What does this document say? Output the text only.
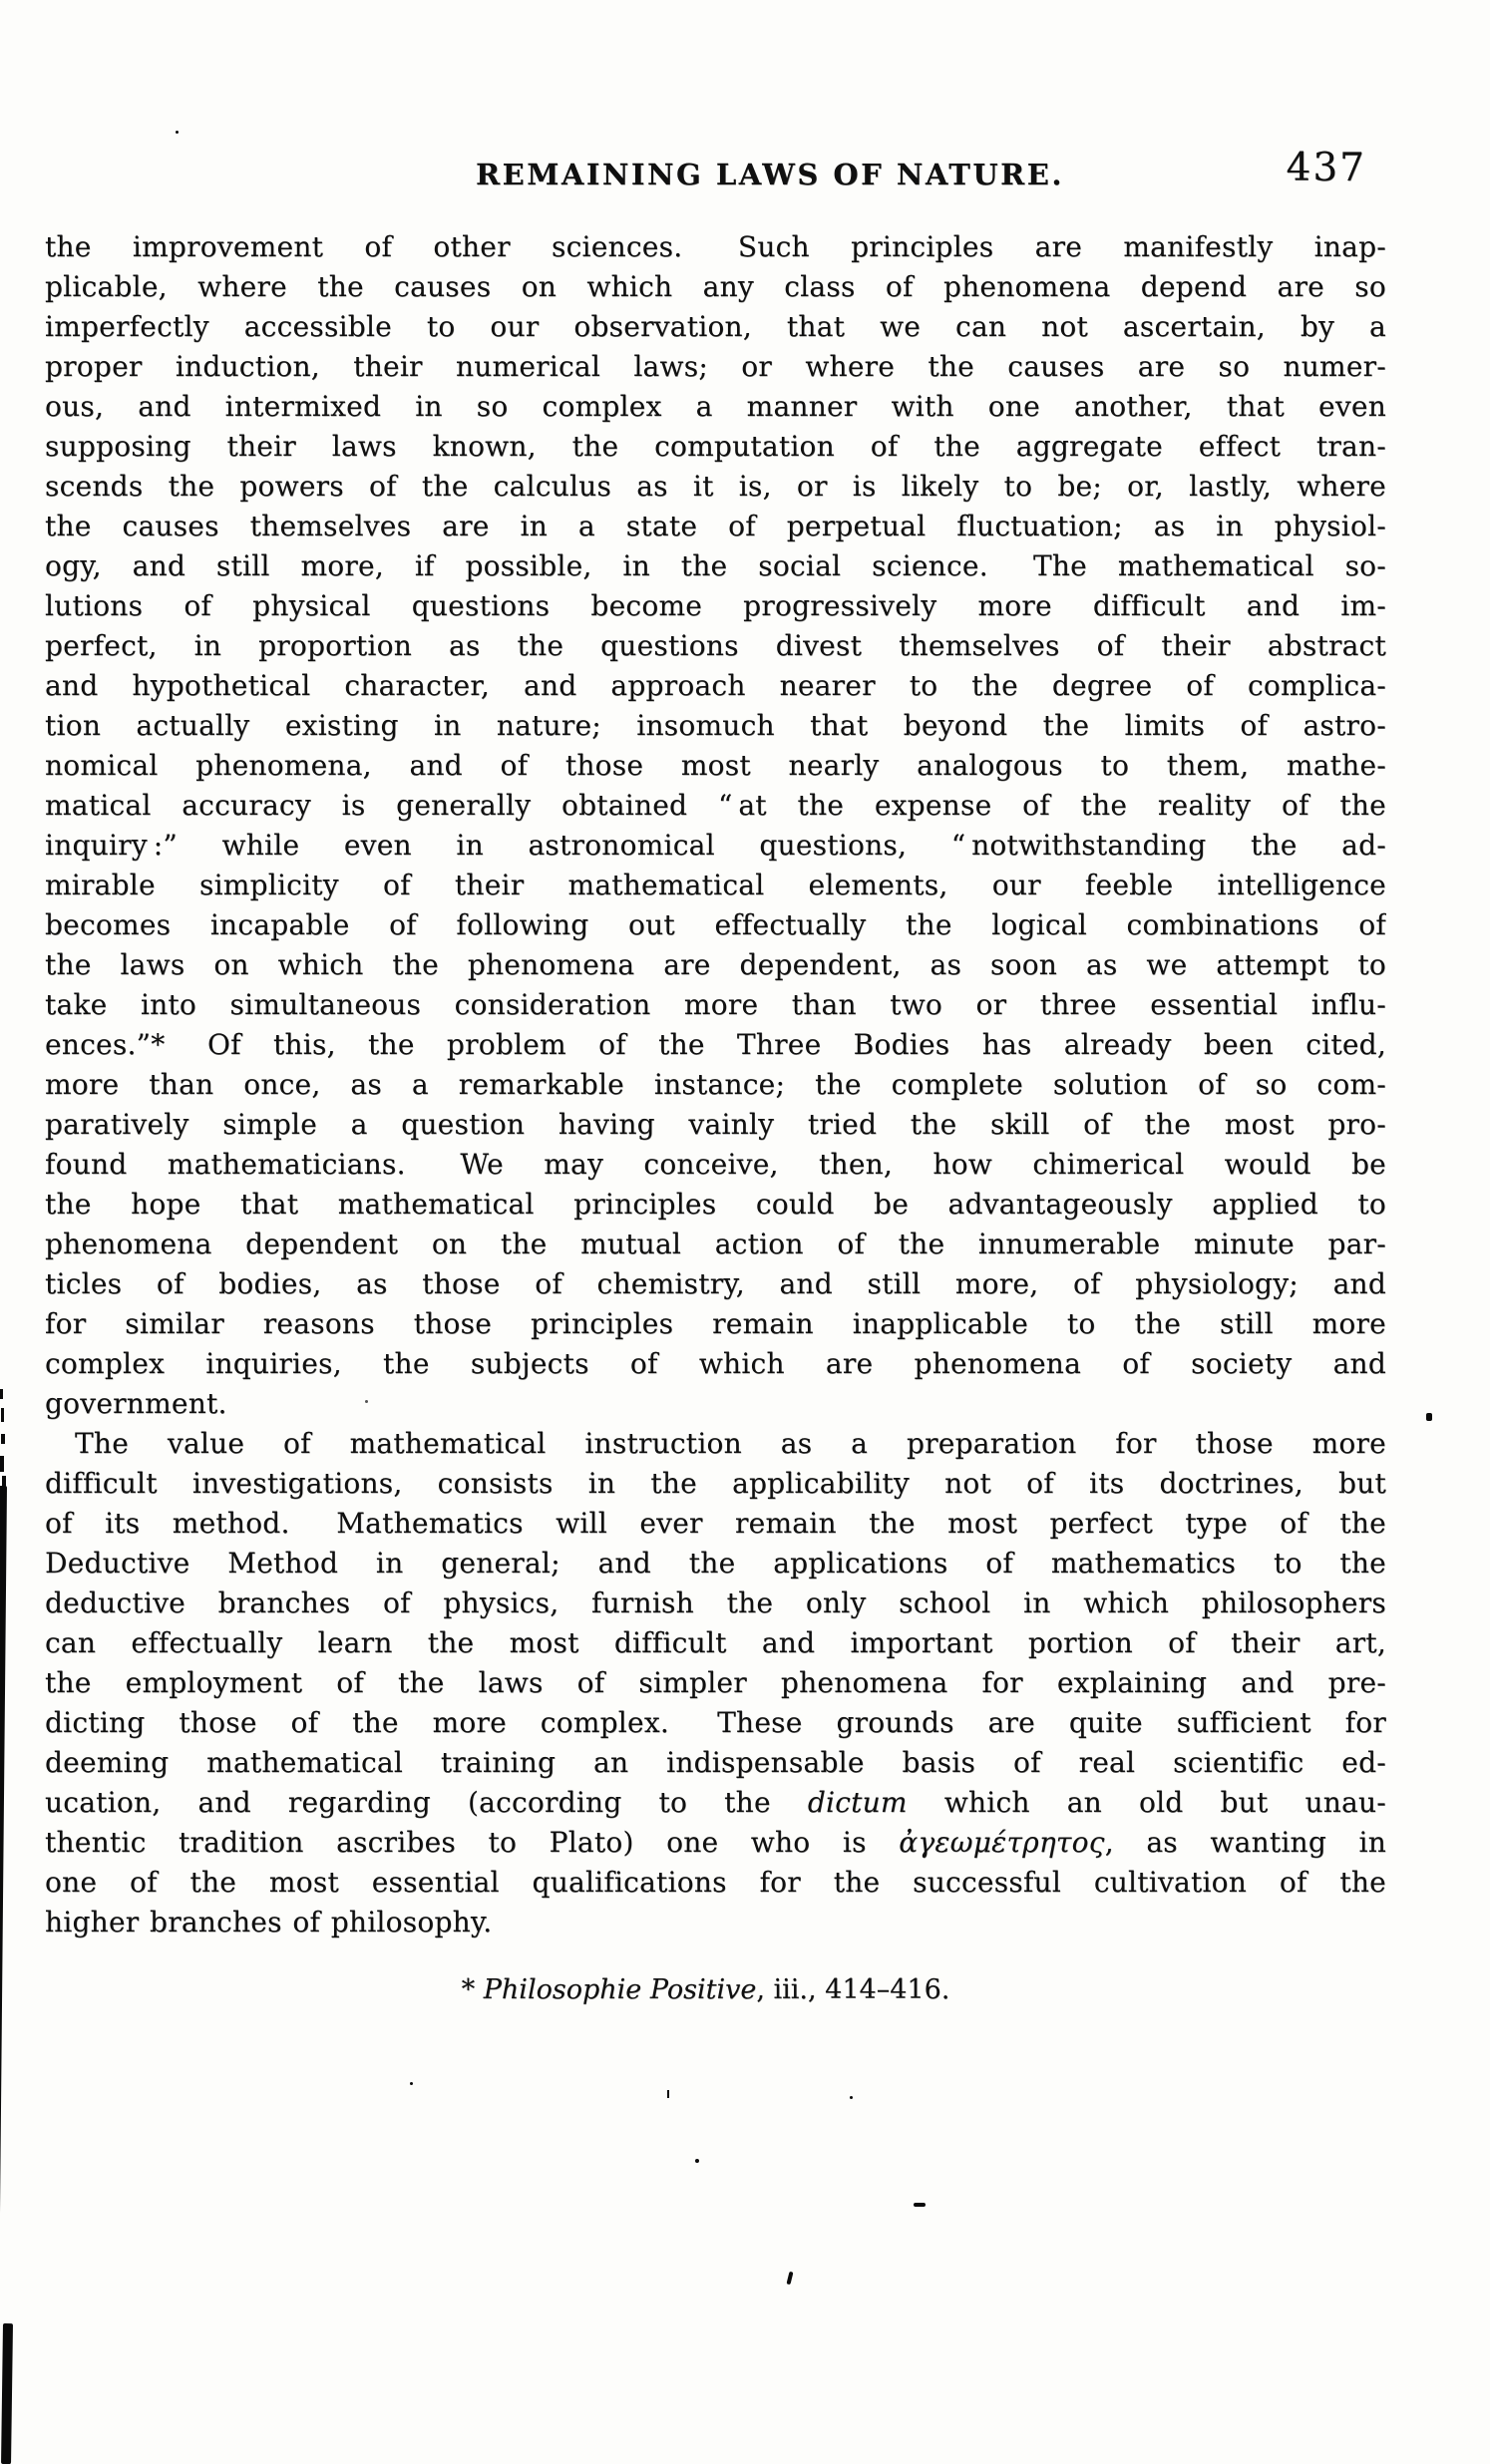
REMAINING LAWS OF NATURE.	437
the improvement of other sciences.  Such principles are manifestly inap-
plicable, where the causes on which any class of phenomena depend are so
imperfectly accessible to our observation, that we can not ascertain, by a
proper induction, their numerical laws; or where the causes are so numer-
ous, and intermixed in so complex a manner with one another, that even
supposing their laws known, the computation of the aggregate effect tran-
scends the powers of the calculus as it is, or is likely to be; or, lastly, where
the causes themselves are in a state of perpetual fluctuation; as in physiol-
ogy, and still more, if possible, in the social science.  The mathematical so-
lutions of physical questions become progressively more difficult and im-
perfect, in proportion as the questions divest themselves of their abstract
and hypothetical character, and approach nearer to the degree of complica-
tion actually existing in nature; insomuch that beyond the limits of astro-
nomical phenomena, and of those most nearly analogous to them, mathe-
matical accuracy is generally obtained “ at the expense of the reality of the
inquiry :” while even in astronomical questions, “ notwithstanding the ad-
mirable simplicity of their mathematical elements, our feeble intelligence
becomes incapable of following out effectually the logical combinations of
the laws on which the phenomena are dependent, as soon as we attempt to
take into simultaneous consideration more than two or three essential influ-
ences.”*  Of this, the problem of the Three Bodies has already been cited,
more than once, as a remarkable instance; the complete solution of so com-
paratively simple a question having vainly tried the skill of the most pro-
found mathematicians.  We may conceive, then, how chimerical would be
the hope that mathematical principles could be advantageously applied to
phenomena dependent on the mutual action of the innumerable minute par-
ticles of bodies, as those of chemistry, and still more, of physiology; and
for similar reasons those principles remain inapplicable to the still more
complex inquiries, the subjects of which are phenomena of society and
government.
The value of mathematical instruction as a preparation for those more
difficult investigations, consists in the applicability not of its doctrines, but
of its method.  Mathematics will ever remain the most perfect type of the
Deductive Method in general; and the applications of mathematics to the
deductive branches of physics, furnish the only school in which philosophers
can effectually learn the most difficult and important portion of their art,
the employment of the laws of simpler phenomena for explaining and pre-
dicting those of the more complex.  These grounds are quite sufficient for
deeming mathematical training an indispensable basis of real scientific ed-
ucation, and regarding (according to the dictum which an old but unau-
thentic tradition ascribes to Plato) one who is ἀγεωμέτρητος, as wanting in
one of the most essential qualifications for the successful cultivation of the
higher branches of philosophy.
* Philosophie Positive, iii., 414–416.
